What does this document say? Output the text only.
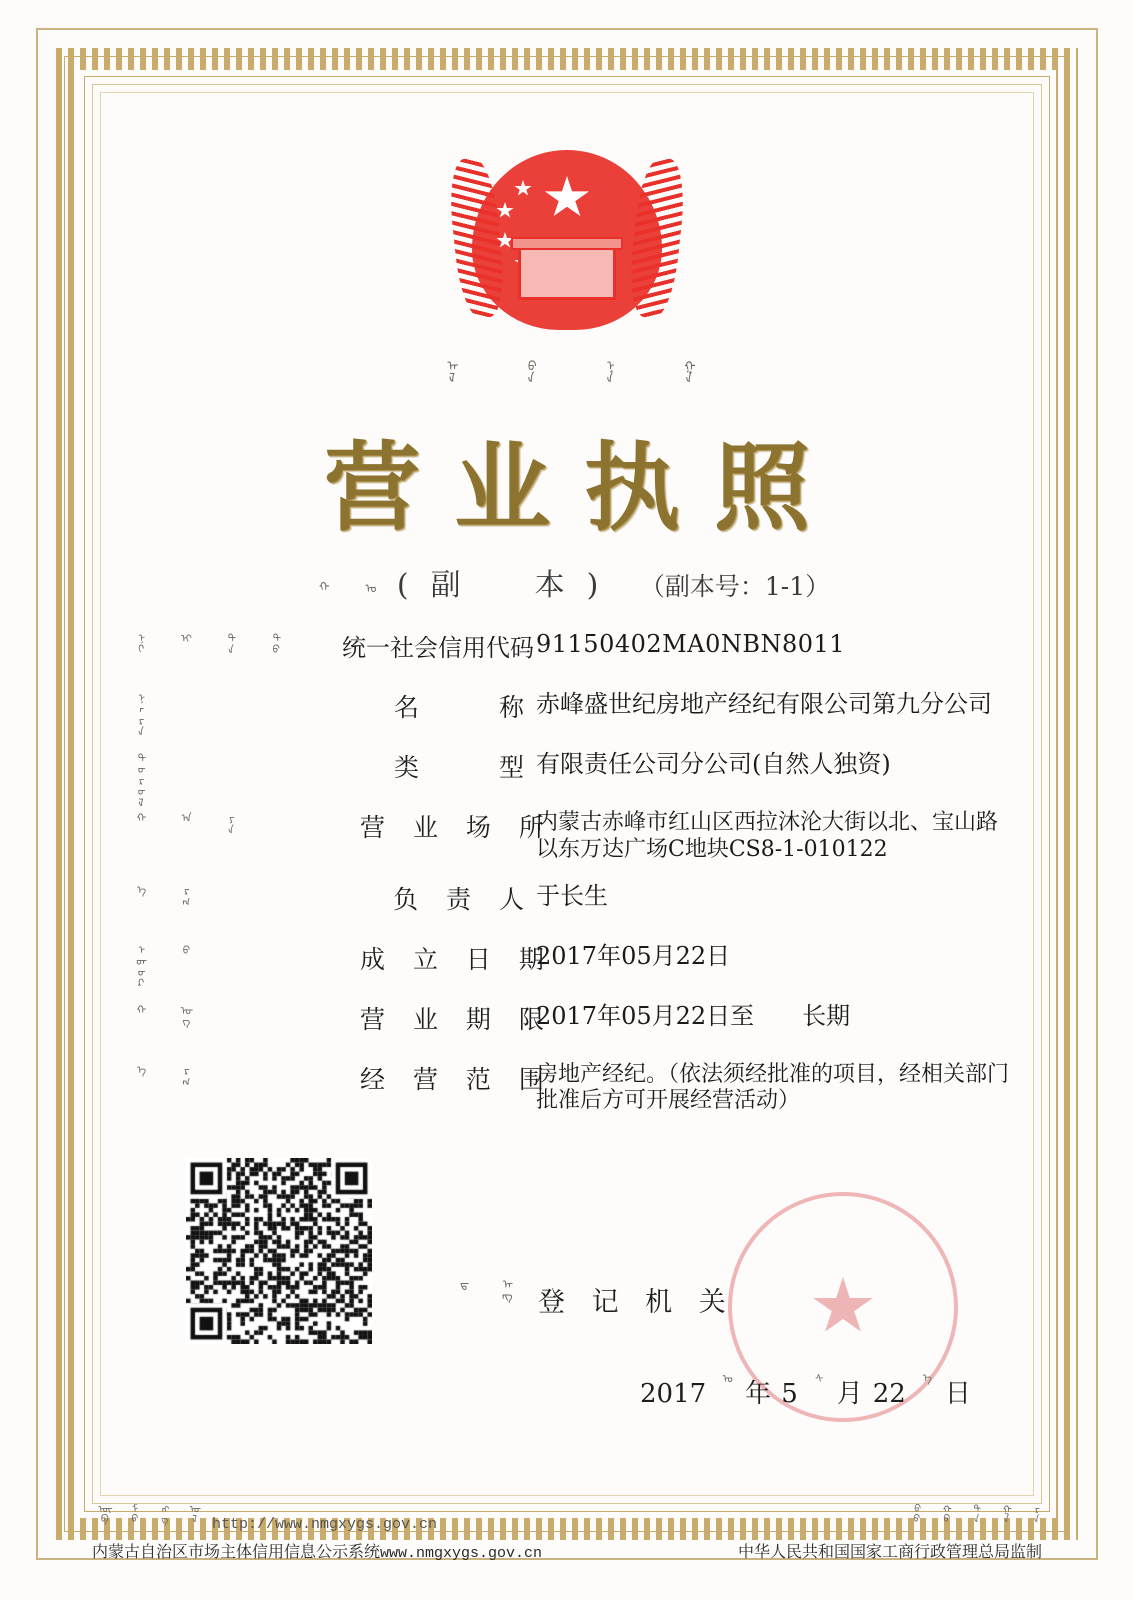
ᠠᠯ	ᠪᠠ	ᠨᠠ	ᠭᠡ
营业执照
ᠬ	ᠤ (副　本) （副本号：1-1）
ᠨᠢ	ᠢ	ᠲᠡ	ᠳᠤ	统一社会信用代码 91150402MA0NBN8011
ᠨᠡᠷᠡ	名　　称 赤峰盛世纪房地产经纪有限公司第九分公司
ᠲᠥᠷᠥᠯ	类　　型 有限责任公司分公司(自然人独资)
ᠬ	ᠠ	ᠶᠠ	营 业 场 所
内蒙古赤峰市红山区西拉沐沦大街以北、宝山路以东万达广场C地块CS8-1-010122
ᠡ	ᠷᠬ	负 责 人 于长生
ᠡᠳᠦᠷ	ᠪ	成 立 日 期
2017年05月22日
ᠬ	ᠤᠭ	营 业 期 限
2017年05月22日至　　长期
ᠡ	ᠷᠬ	经 营 范 围
房地产经纪。（依法须经批准的项目，经相关部门批准后方可开展经营活动）
ᠳ	ᠠᠩ 登 记 机 关
2017
ᠣ
年 5
ᠰ
月 22
ᠡ
日
ᠥᠪ	ᠮᠣ	ᠩᠭ	ᠣᠯ
http://www.nmgxygs.gov.cn
ᠪᠦ	ᠬᠦ	ᠳᠡ	ᠭᠡ	ᠷᠡ
内蒙古自治区市场主体信用信息公示系统www.nmgxygs.gov.cn	中华人民共和国国家工商行政管理总局监制
